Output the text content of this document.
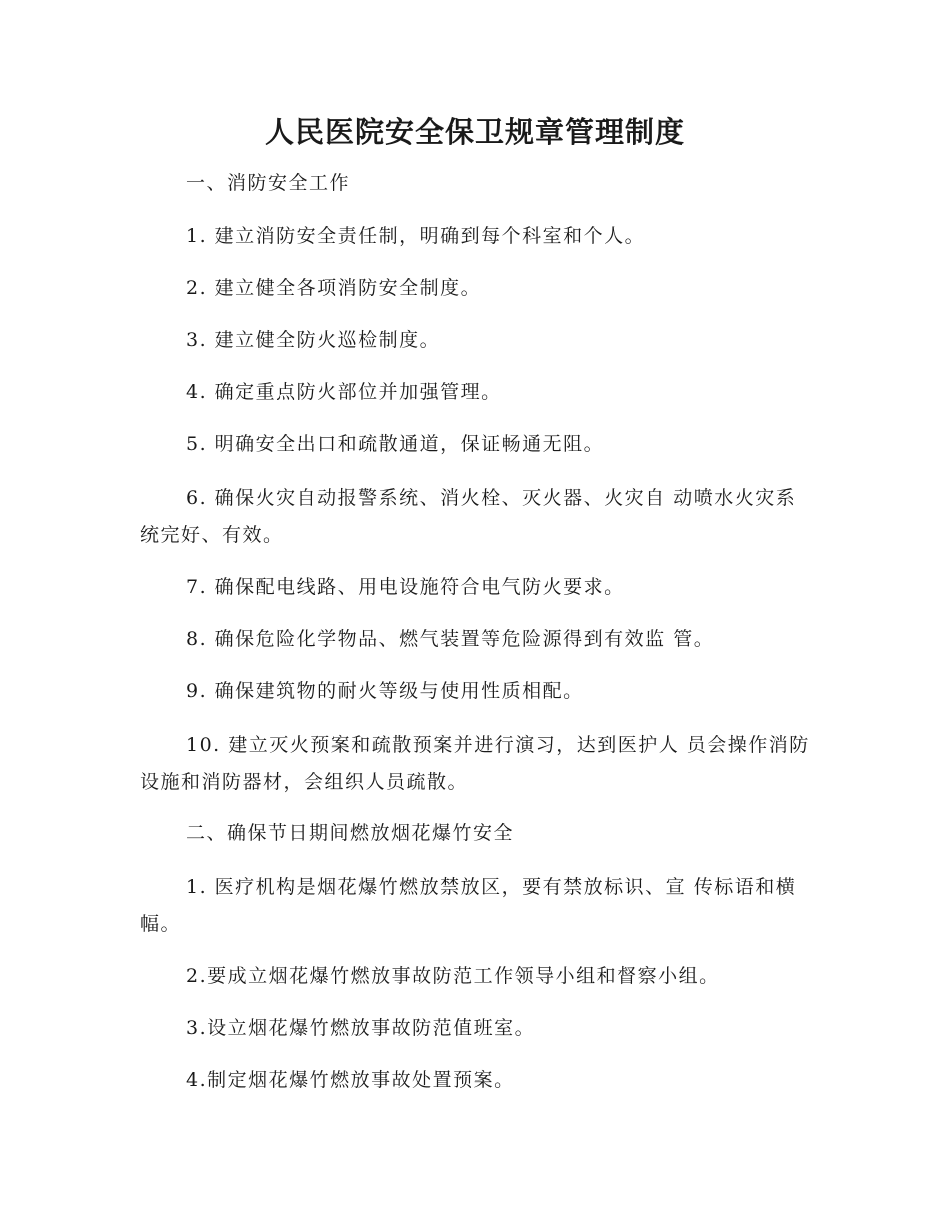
人民医院安全保卫规章管理制度
一、消防安全工作
1. 建立消防安全责任制，明确到每个科室和个人。
2. 建立健全各项消防安全制度。
3. 建立健全防火巡检制度。
4. 确定重点防火部位并加强管理。
5. 明确安全出口和疏散通道，保证畅通无阻。
6. 确保火灾自动报警系统、消火栓、灭火器、火灾自 动喷水火灾系统完好、有效。
7. 确保配电线路、用电设施符合电气防火要求。
8. 确保危险化学物品、燃气装置等危险源得到有效监 管。
9. 确保建筑物的耐火等级与使用性质相配。
10. 建立灭火预案和疏散预案并进行演习，达到医护人 员会操作消防设施和消防器材，会组织人员疏散。
二、确保节日期间燃放烟花爆竹安全
1. 医疗机构是烟花爆竹燃放禁放区，要有禁放标识、宣 传标语和横幅。
2.要成立烟花爆竹燃放事故防范工作领导小组和督察小组。
3.设立烟花爆竹燃放事故防范值班室。
4.制定烟花爆竹燃放事故处置预案。
